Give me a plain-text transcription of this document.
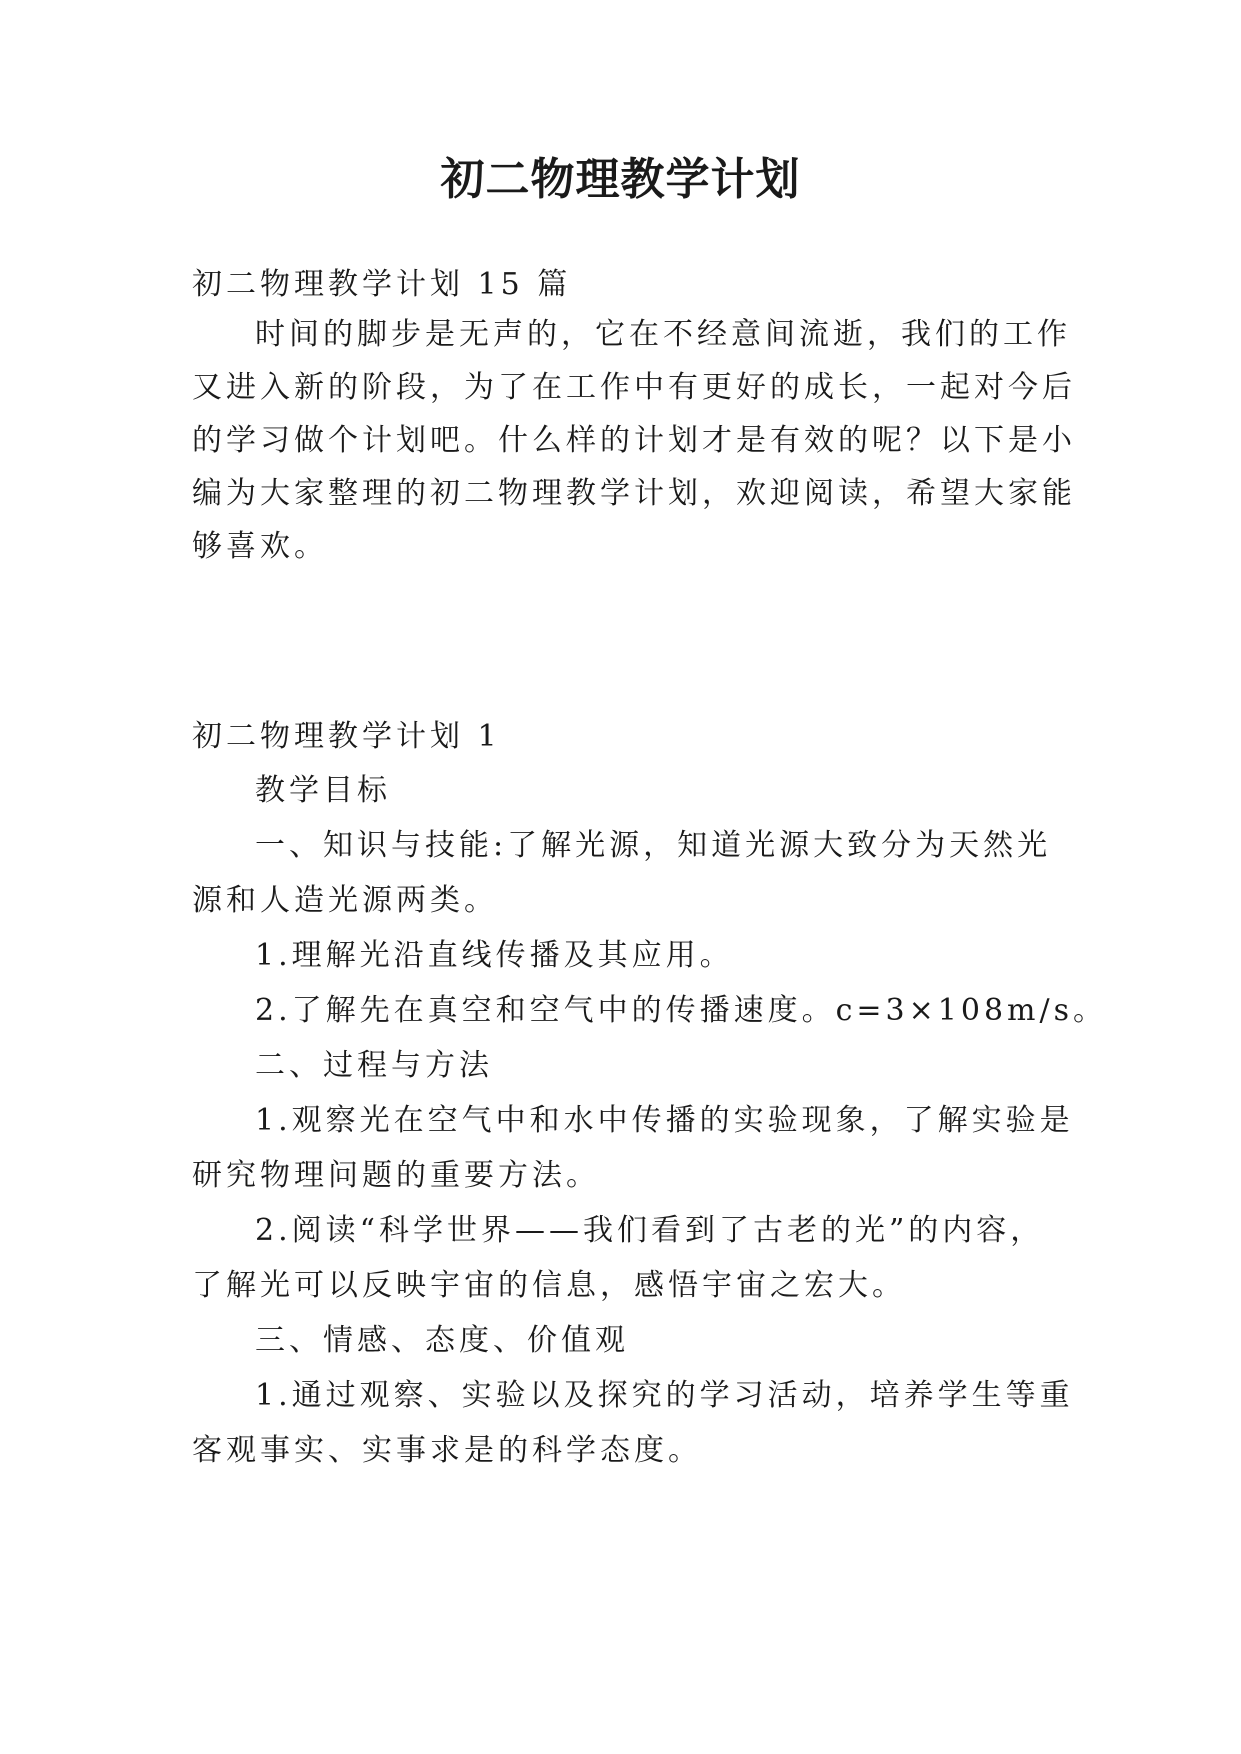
初二物理教学计划
初二物理教学计划 15 篇
时间的脚步是无声的，它在不经意间流逝，我们的工作
又进入新的阶段，为了在工作中有更好的成长，一起对今后
的学习做个计划吧。什么样的计划才是有效的呢？以下是小
编为大家整理的初二物理教学计划，欢迎阅读，希望大家能
够喜欢。
初二物理教学计划 1
教学目标
一、知识与技能:了解光源，知道光源大致分为天然光
源和人造光源两类。
1.理解光沿直线传播及其应用。
2.了解先在真空和空气中的传播速度。c=3×108m/s。
二、过程与方法
1.观察光在空气中和水中传播的实验现象，了解实验是
研究物理问题的重要方法。
2.阅读“科学世界——我们看到了古老的光”的内容，
了解光可以反映宇宙的信息，感悟宇宙之宏大。
三、情感、态度、价值观
1.通过观察、实验以及探究的学习活动，培养学生等重
客观事实、实事求是的科学态度。
